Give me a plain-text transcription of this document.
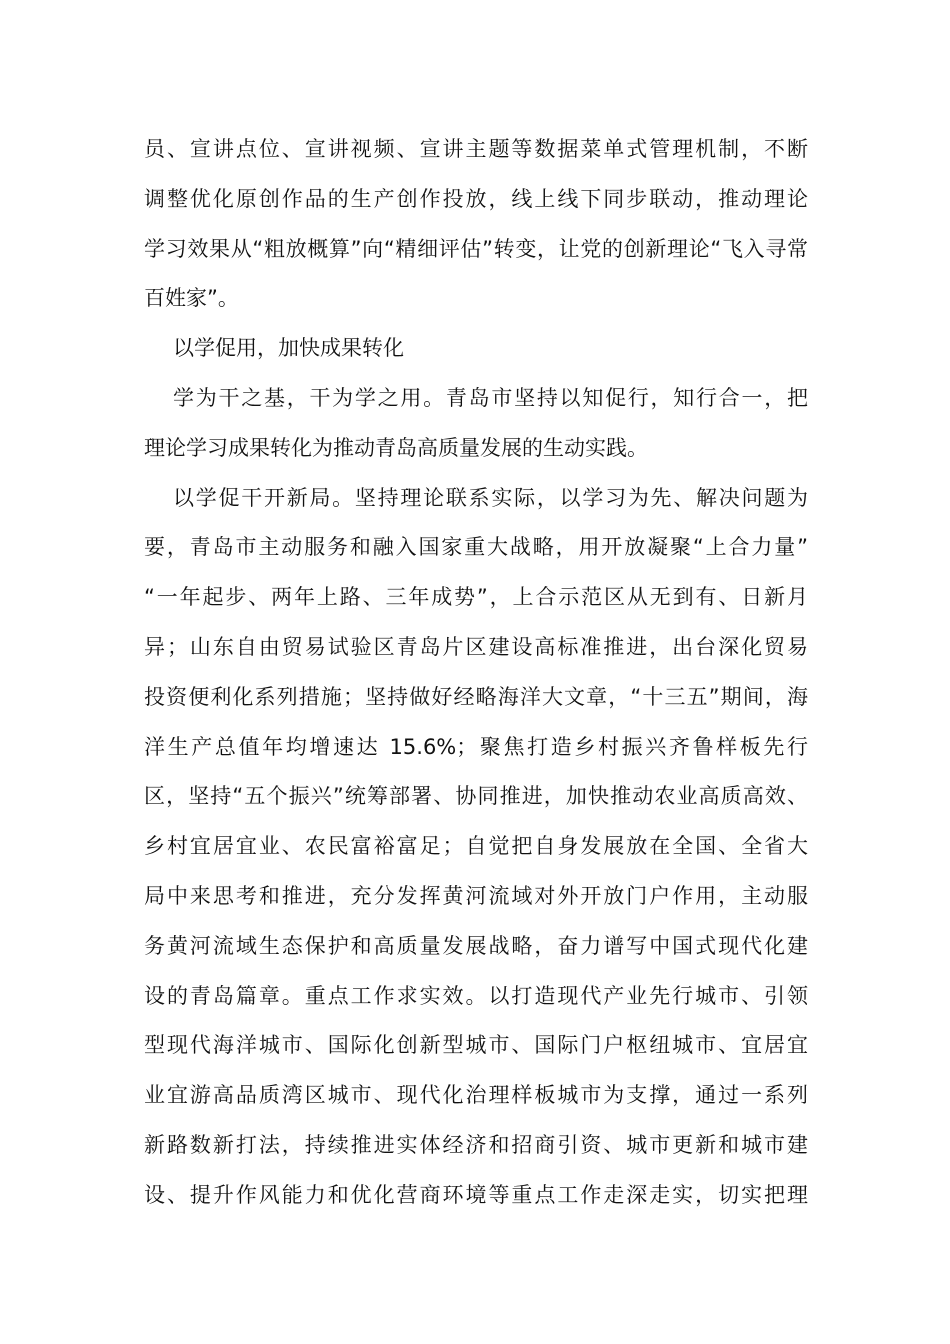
员、宣讲点位、宣讲视频、宣讲主题等数据菜单式管理机制，不断
调整优化原创作品的生产创作投放，线上线下同步联动，推动理论
学习效果从“粗放概算”向“精细评估”转变，让党的创新理论“飞入寻常
百姓家”。
以学促用，加快成果转化
学为干之基，干为学之用。青岛市坚持以知促行，知行合一，把
理论学习成果转化为推动青岛高质量发展的生动实践。
以学促干开新局。坚持理论联系实际，以学习为先、解决问题为
要，青岛市主动服务和融入国家重大战略，用开放凝聚“上合力量”
“一年起步、两年上路、三年成势”，上合示范区从无到有、日新月
异；山东自由贸易试验区青岛片区建设高标准推进，出台深化贸易
投资便利化系列措施；坚持做好经略海洋大文章，“十三五”期间，海
洋生产总值年均增速达 15.6%；聚焦打造乡村振兴齐鲁样板先行
区，坚持“五个振兴”统筹部署、协同推进，加快推动农业高质高效、
乡村宜居宜业、农民富裕富足；自觉把自身发展放在全国、全省大
局中来思考和推进，充分发挥黄河流域对外开放门户作用，主动服
务黄河流域生态保护和高质量发展战略，奋力谱写中国式现代化建
设的青岛篇章。重点工作求实效。以打造现代产业先行城市、引领
型现代海洋城市、国际化创新型城市、国际门户枢纽城市、宜居宜
业宜游高品质湾区城市、现代化治理样板城市为支撑，通过一系列
新路数新打法，持续推进实体经济和招商引资、城市更新和城市建
设、提升作风能力和优化营商环境等重点工作走深走实，切实把理
